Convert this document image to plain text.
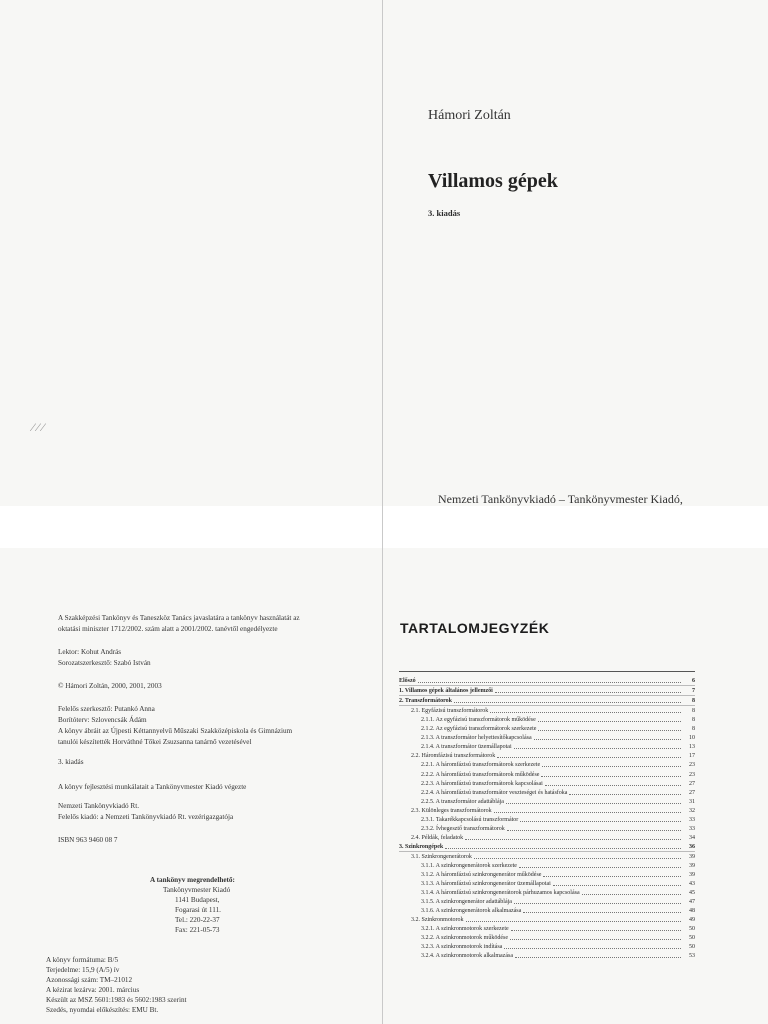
⁄ ⁄ ⁄
Hámori Zoltán
Villamos gépek
3. kiadás
Nemzeti Tankönyvkiadó – Tankönyvmester Kiadó,
A Szakképzési Tankönyv és Taneszköz Tanács javaslatára a tankönyv használatát az
oktatási miniszter 1712/2002. szám alatt a 2001/2002. tanévtől engedélyezte
Lektor: Kohut András
Sorozatszerkesztő: Szabó István
© Hámori Zoltán, 2000, 2001, 2003
Felelős szerkesztő: Putankó Anna
Borítóterv: Szlovencsák Ádám
A könyv ábráit az Újpesti Kéttannyelvű Műszaki Szakközépiskola és Gimnázium
tanulói készítették Horváthné Tőkei Zsuzsanna tanárnő vezetésével
3. kiadás
A könyv fejlesztési munkálatait a Tankönyvmester Kiadó végezte
Nemzeti Tankönyvkiadó Rt.
Felelős kiadó: a Nemzeti Tankönyvkiadó Rt. vezérigazgatója
ISBN 963 9460 08 7
A tankönyv megrendelhető:
Tankönyvmester Kiadó
1141 Budapest,
Fogarasi út 111.
Tel.: 220-22-37
Fax: 221-05-73
A könyv formátuma: B/5
Terjedelme: 15,9 (A/5) ív
Azonossági szám: TM–21012
A kézirat lezárva: 2001. március
Készült az MSZ 5601:1983 és 5602:1983 szerint
Szedés, nyomdai előkészítés: EMU Bt.
TARTALOMJEGYZÉK
Előszó	6
1. Villamos gépek általános jellemzői	7
2. Transzformátorok	8
2.1. Egyfázisú transzformátorok	8
2.1.1. Az egyfázisú transzformátorok működése	8
2.1.2. Az egyfázisú transzformátorok szerkezete	8
2.1.3. A transzformátor helyettesítőkapcsolása	10
2.1.4. A transzformátor üzemállapotai	13
2.2. Háromfázisú transzformátorok	17
2.2.1. A háromfázisú transzformátorok szerkezete	23
2.2.2. A háromfázisú transzformátorok működése	23
2.2.3. A háromfázisú transzformátorok kapcsolásai	27
2.2.4. A háromfázisú transzformátor veszteségei és hatásfoka	27
2.2.5. A transzformátor adattáblája	31
2.3. Különleges transzformátorok	32
2.3.1. Takarékkapcsolású transzformátor	33
2.3.2. Ívhegesztő transzformátorok	33
2.4. Példák, feladatok	34
3. Szinkrongépek	36
3.1. Szinkrongenerátorok	39
3.1.1. A szinkrongenerátorok szerkezete	39
3.1.2. A háromfázisú szinkrongenerátor működése	39
3.1.3. A háromfázisú szinkrongenerátor üzemállapotai	43
3.1.4. A háromfázisú szinkrongenerátorok párhuzamos kapcsolása	45
3.1.5. A szinkrongenerátor adattáblája	47
3.1.6. A szinkrongenerátorok alkalmazása	48
3.2. Szinkronmotorok	49
3.2.1. A szinkronmotorok szerkezete	50
3.2.2. A szinkronmotorok működése	50
3.2.3. A szinkronmotorok indítása	50
3.2.4. A szinkronmotorok alkalmazása	53
